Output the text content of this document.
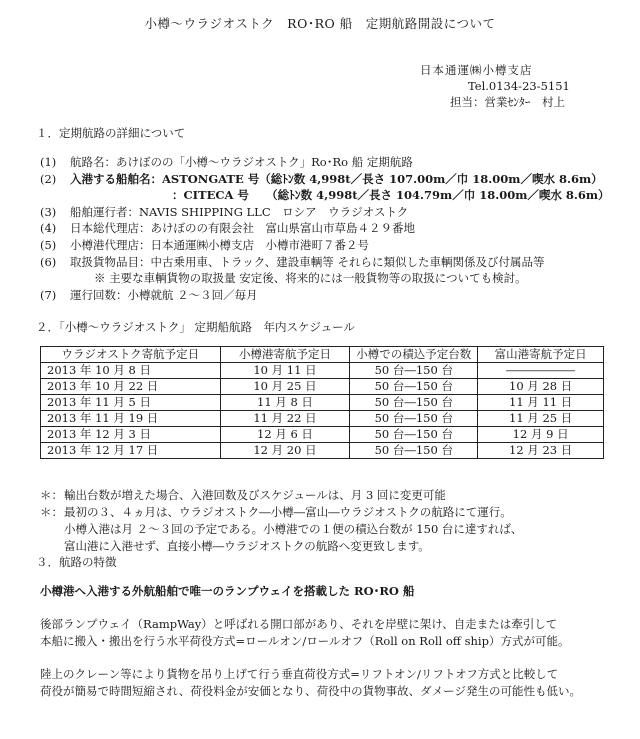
小樽～ウラジオストク　RO･RO 船　定期航路開設について
日本通運㈱小樽支店
Tel.0134-23-5151
担当：営業ｾﾝﾀｰ　村上
１．定期航路の詳細について
(1)	航路名：あけぼのの「小樽～ウラジオストク」Ro･Ro 船 定期航路
(2)	入港する船舶名：ASTONGATE 号（総ﾄﾝ数 4,998t／長さ 107.00m／巾 18.00m／喫水 8.6m）
：CITECA 号　　（総ﾄﾝ数 4,998t／長さ 104.79m／巾 18.00m／喫水 8.6m）
(3)	船舶運行者：NAVIS SHIPPING LLC　ロシア　ウラジオストク
(4)	日本総代理店：あけぼのの有限会社　富山県富山市草島４２９番地
(5)	小樽港代理店：日本通運㈱小樽支店　小樽市港町７番２号
(6)	取扱貨物品目：中古乗用車、トラック、建設車輌等 それらに類似した車輌関係及び付属品等
※ 主要な車輌貨物の取扱量 安定後、将来的には一般貨物等の取扱についても検討。
(7)	運行回数：小樽就航 ２～３回／毎月
２．「小樽～ウラジオストク」 定期船航路　年内スケジュール
ウラジオストク寄航予定日	小樽港寄航予定日	小樽での積込予定台数	富山港寄航予定日
2013 年 10 月 8 日	10 月 11 日	50 台―150 台	――――――
2013 年 10 月 22 日	10 月 25 日	50 台―150 台	10 月 28 日
2013 年 11 月 5 日	11 月 8 日	50 台―150 台	11 月 11 日
2013 年 11 月 19 日	11 月 22 日	50 台―150 台	11 月 25 日
2013 年 12 月 3 日	12 月 6 日	50 台―150 台	12 月 9 日
2013 年 12 月 17 日	12 月 20 日	50 台―150 台	12 月 23 日
＊： 輸出台数が増えた場合、入港回数及びスケジュールは、月 3 回に変更可能
＊： 最初の３、４ヵ月は、ウラジオストク―小樽―富山―ウラジオストクの航路にて運行。
小樽入港は月 ２～３回の予定である。小樽港での１便の積込台数が 150 台に達すれば、
富山港に入港せず、直接小樽―ウラジオストクの航路へ変更致します。
３．航路の特徴
小樽港へ入港する外航船舶で唯一のランプウェイを搭載した RO･RO 船
後部ランプウェイ（RampWay）と呼ばれる開口部があり、それを岸壁に架け、自走または牽引して
本船に搬入・搬出を行う水平荷役方式=ロールオン/ロールオフ（Roll on Roll off ship）方式が可能。
陸上のクレーン等により貨物を吊り上げて行う垂直荷役方式=リフトオン/リフトオフ方式と比較して
荷役が簡易で時間短縮され、荷役料金が安価となり、荷役中の貨物事故、ダメージ発生の可能性も低い。
